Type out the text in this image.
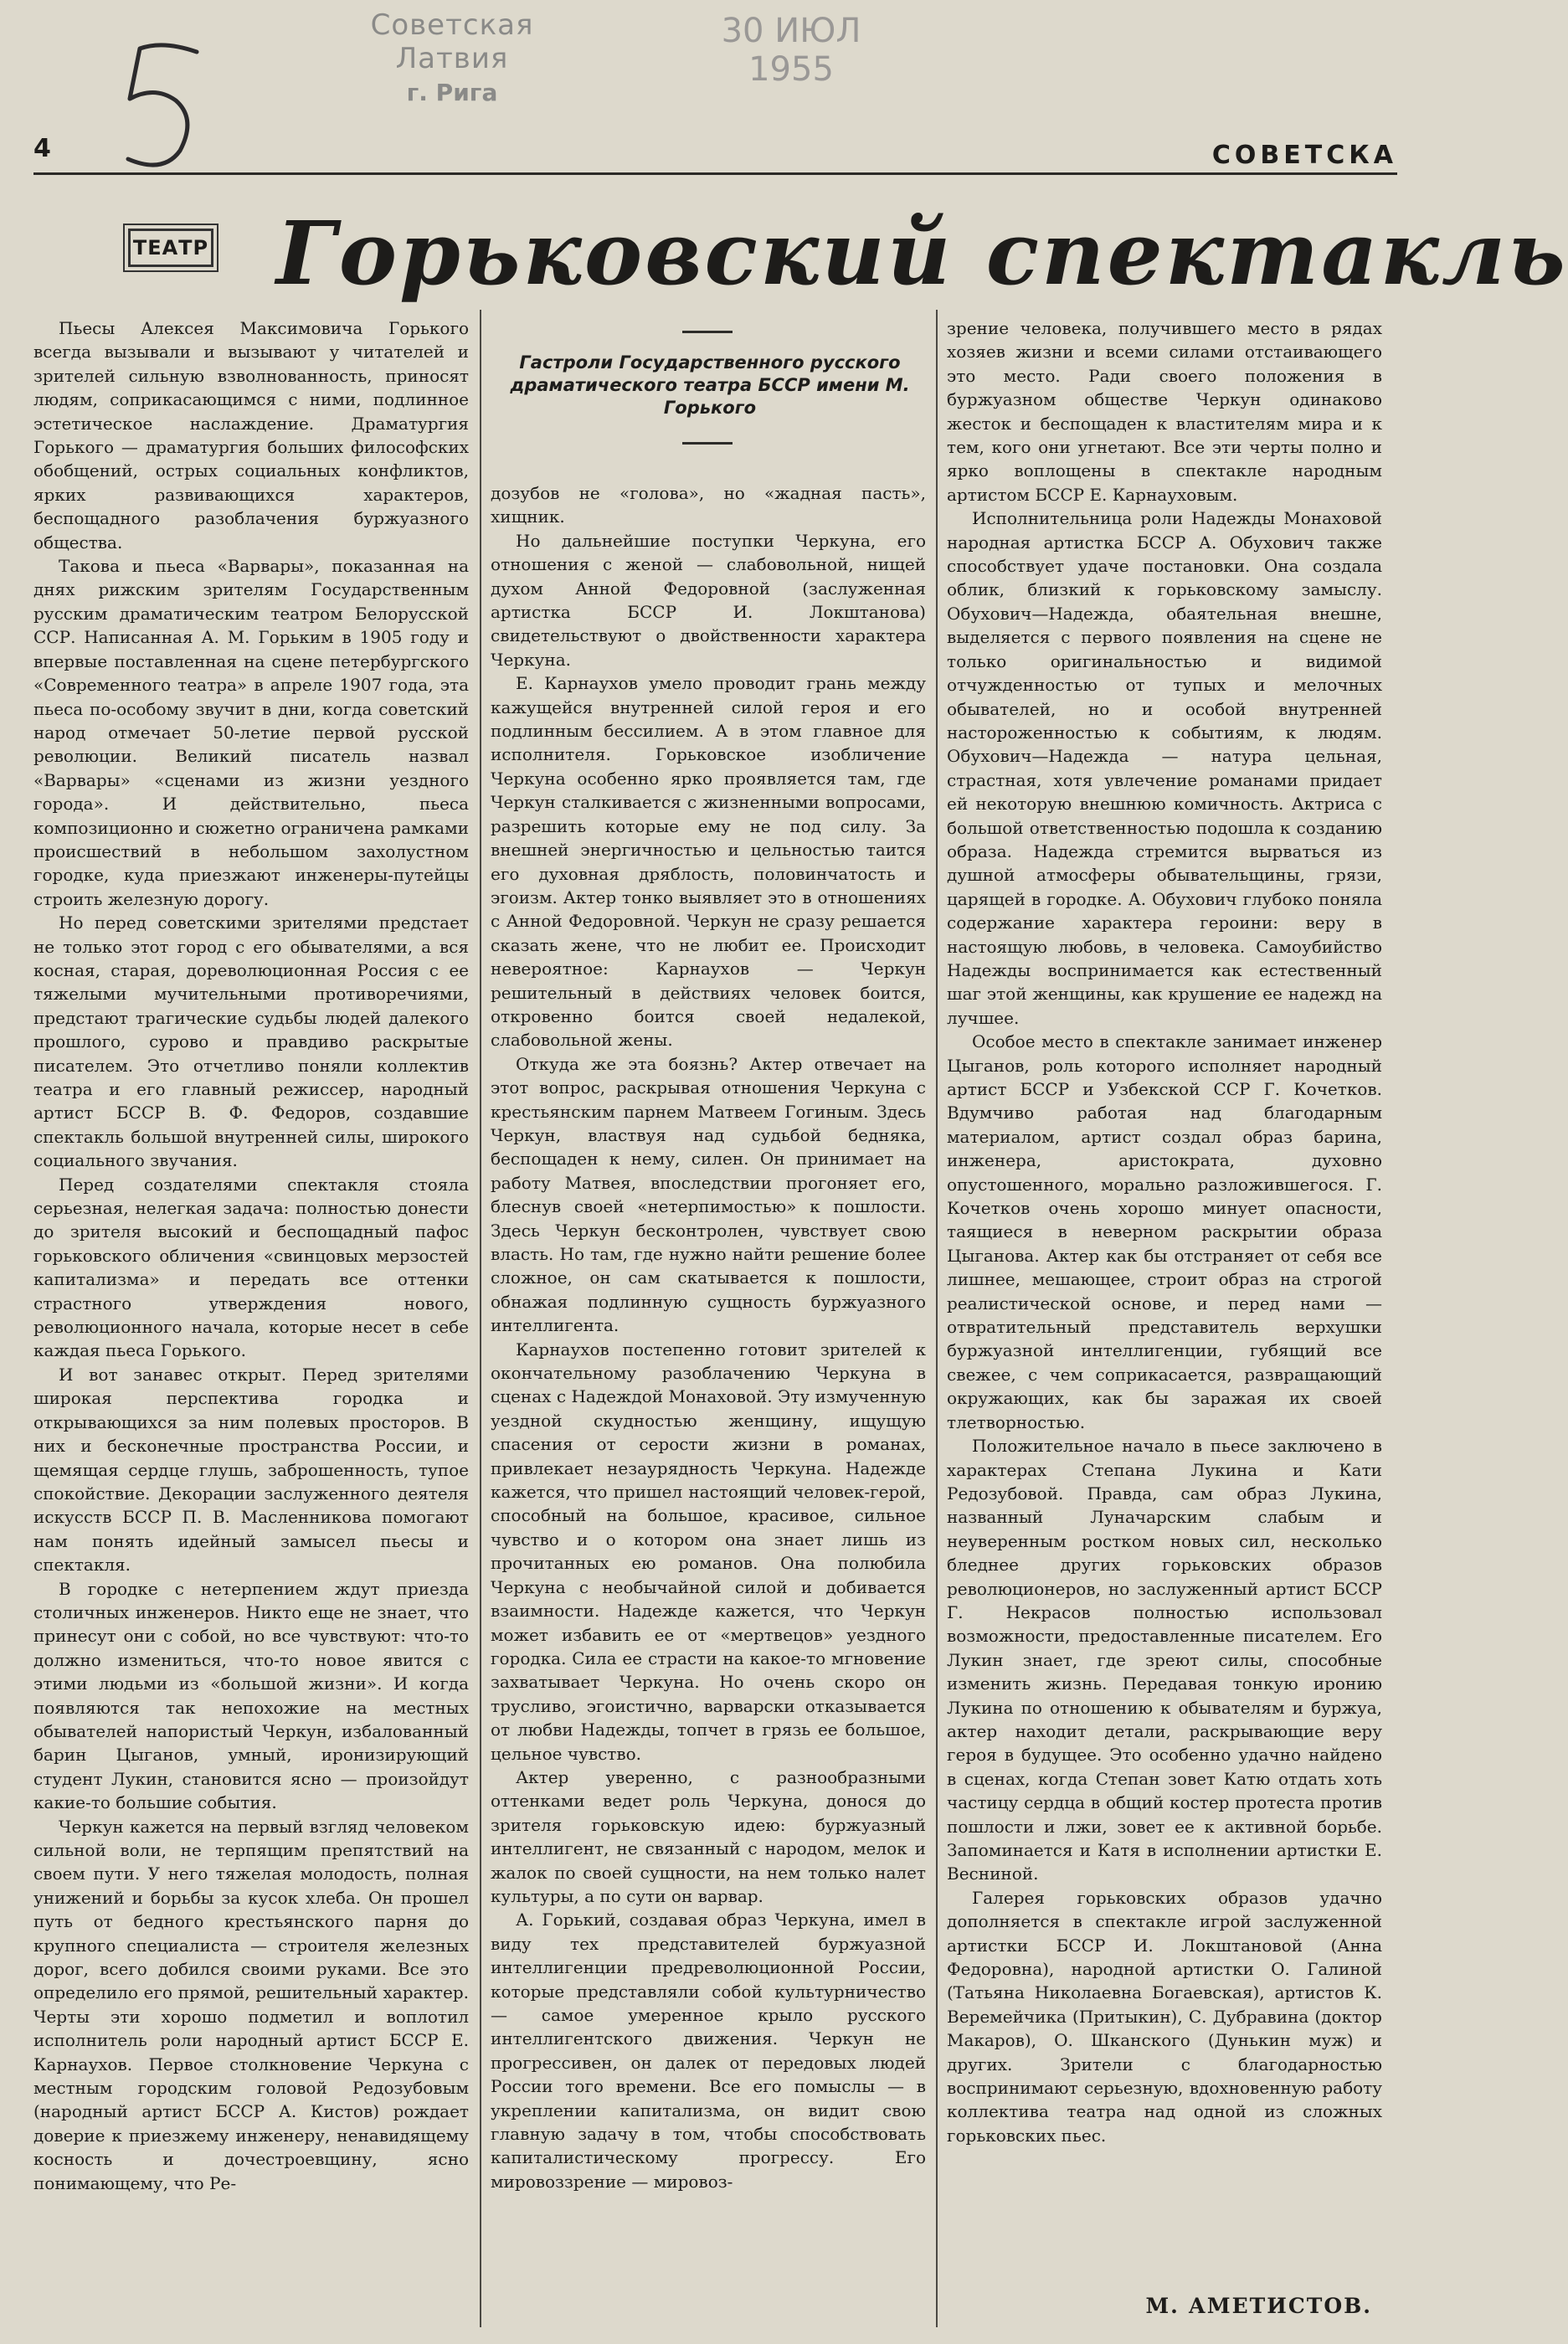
Советская Латвия
г. Рига
30 ИЮЛ 1955
4	СОВЕТСКА
ТЕАТР Горьковский спектакль
Гастроли Государственного русского драматического театра БССР имени М. Горького

Пьесы Алексея Максимовича Горького всегда вызывали и вызывают у читателей и зрителей сильную взволнованность, приносят людям, соприкасающимся с ними, подлинное эстетическое наслаждение. Драматургия Горького — драматургия больших философских обобщений, острых социальных конфликтов, ярких развивающихся характеров, беспощадного разоблачения буржуазного общества.

Такова и пьеса «Варвары», показанная на днях рижским зрителям Государственным русским драматическим театром Белорусской ССР. Написанная А. М. Горьким в 1905 году и впервые поставленная на сцене петербургского «Современного театра» в апреле 1907 года, эта пьеса по-особому звучит в дни, когда советский народ отмечает 50-летие первой русской революции. Великий писатель назвал «Варвары» «сценами из жизни уездного города». И действительно, пьеса композиционно и сюжетно ограничена рамками происшествий в небольшом захолустном городке, куда приезжают инженеры-путейцы строить железную дорогу.

Но перед советскими зрителями предстает не только этот город с его обывателями, а вся косная, старая, дореволюционная Россия с ее тяжелыми мучительными противоречиями, предстают трагические судьбы людей далекого прошлого, сурово и правдиво раскрытые писателем. Это отчетливо поняли коллектив театра и его главный режиссер, народный артист БССР В. Ф. Федоров, создавшие спектакль большой внутренней силы, широкого социального звучания.

Перед создателями спектакля стояла серьезная, нелегкая задача: полностью донести до зрителя высокий и беспощадный пафос горьковского обличения «свинцовых мерзостей капитализма» и передать все оттенки страстного утверждения нового, революционного начала, которые несет в себе каждая пьеса Горького.

И вот занавес открыт. Перед зрителями широкая перспектива городка и открывающихся за ним полевых просторов. В них и бесконечные пространства России, и щемящая сердце глушь, заброшенность, тупое спокойствие. Декорации заслуженного деятеля искусств БССР П. В. Масленникова помогают нам понять идейный замысел пьесы и спектакля.

В городке с нетерпением ждут приезда столичных инженеров. Никто еще не знает, что принесут они с собой, но все чувствуют: что-то должно измениться, что-то новое явится с этими людьми из «большой жизни». И когда появляются так непохожие на местных обывателей напористый Черкун, избалованный барин Цыганов, умный, иронизирующий студент Лукин, становится ясно — произойдут какие-то большие события.

Черкун кажется на первый взгляд человеком сильной воли, не терпящим препятствий на своем пути. У него тяжелая молодость, полная унижений и борьбы за кусок хлеба. Он прошел путь от бедного крестьянского парня до крупного специалиста — строителя железных дорог, всего добился своими руками. Все это определило его прямой, решительный характер. Черты эти хорошо подметил и воплотил исполнитель роли народный артист БССР Е. Карнаухов. Первое столкновение Черкуна с местным городским головой Редозубовым (народный артист БССР А. Кистов) рождает доверие к приезжему инженеру, ненавидящему косность и дочестроевщину, ясно понимающему, что Ре-

дозубов не «голова», но «жадная пасть», хищник.

Но дальнейшие поступки Черкуна, его отношения с женой — слабовольной, нищей духом Анной Федоровной (заслуженная артистка БССР И. Локштанова) свидетельствуют о двойственности характера Черкуна.

Е. Карнаухов умело проводит грань между кажущейся внутренней силой героя и его подлинным бессилием. А в этом главное для исполнителя. Горьковское изобличение Черкуна особенно ярко проявляется там, где Черкун сталкивается с жизненными вопросами, разрешить которые ему не под силу. За внешней энергичностью и цельностью таится его духовная дряблость, половинчатость и эгоизм. Актер тонко выявляет это в отношениях с Анной Федоровной. Черкун не сразу решается сказать жене, что не любит ее. Происходит невероятное: Карнаухов — Черкун решительный в действиях человек боится, откровенно боится своей недалекой, слабовольной жены.

Откуда же эта боязнь? Актер отвечает на этот вопрос, раскрывая отношения Черкуна с крестьянским парнем Матвеем Гогиным. Здесь Черкун, властвуя над судьбой бедняка, беспощаден к нему, силен. Он принимает на работу Матвея, впоследствии прогоняет его, блеснув своей «нетерпимостью» к пошлости. Здесь Черкун бесконтролен, чувствует свою власть. Но там, где нужно найти решение более сложное, он сам скатывается к пошлости, обнажая подлинную сущность буржуазного интеллигента.

Карнаухов постепенно готовит зрителей к окончательному разоблачению Черкуна в сценах с Надеждой Монаховой. Эту измученную уездной скудностью женщину, ищущую спасения от серости жизни в романах, привлекает незаурядность Черкуна. Надежде кажется, что пришел настоящий человек-герой, способный на большое, красивое, сильное чувство и о котором она знает лишь из прочитанных ею романов. Она полюбила Черкуна с необычайной силой и добивается взаимности. Надежде кажется, что Черкун может избавить ее от «мертвецов» уездного городка. Сила ее страсти на какое-то мгновение захватывает Черкуна. Но очень скоро он трусливо, эгоистично, варварски отказывается от любви Надежды, топчет в грязь ее большое, цельное чувство.

Актер уверенно, с разнообразными оттенками ведет роль Черкуна, донося до зрителя горьковскую идею: буржуазный интеллигент, не связанный с народом, мелок и жалок по своей сущности, на нем только налет культуры, а по сути он варвар.

А. Горький, создавая образ Черкуна, имел в виду тех представителей буржуазной интеллигенции предреволюционной России, которые представляли собой культурничество — самое умеренное крыло русского интеллигентского движения. Черкун не прогрессивен, он далек от передовых людей России того времени. Все его помыслы — в укреплении капитализма, он видит свою главную задачу в том, чтобы способствовать капиталистическому прогрессу. Его мировоззрение — мировоз-

зрение человека, получившего место в рядах хозяев жизни и всеми силами отстаивающего это место. Ради своего положения в буржуазном обществе Черкун одинаково жесток и беспощаден к властителям мира и к тем, кого они угнетают. Все эти черты полно и ярко воплощены в спектакле народным артистом БССР Е. Карнауховым.

Исполнительница роли Надежды Монаховой народная артистка БССР А. Обухович также способствует удаче постановки. Она создала облик, близкий к горьковскому замыслу. Обухович—Надежда, обаятельная внешне, выделяется с первого появления на сцене не только оригинальностью и видимой отчужденностью от тупых и мелочных обывателей, но и особой внутренней настороженностью к событиям, к людям. Обухович—Надежда — натура цельная, страстная, хотя увлечение романами придает ей некоторую внешнюю комичность. Актриса с большой ответственностью подошла к созданию образа. Надежда стремится вырваться из душной атмосферы обывательщины, грязи, царящей в городке. А. Обухович глубоко поняла содержание характера героини: веру в настоящую любовь, в человека. Самоубийство Надежды воспринимается как естественный шаг этой женщины, как крушение ее надежд на лучшее.

Особое место в спектакле занимает инженер Цыганов, роль которого исполняет народный артист БССР и Узбекской ССР Г. Кочетков. Вдумчиво работая над благодарным материалом, артист создал образ барина, инженера, аристократа, духовно опустошенного, морально разложившегося. Г. Кочетков очень хорошо минует опасности, таящиеся в неверном раскрытии образа Цыганова. Актер как бы отстраняет от себя все лишнее, мешающее, строит образ на строгой реалистической основе, и перед нами — отвратительный представитель верхушки буржуазной интеллигенции, губящий все свежее, с чем соприкасается, развращающий окружающих, как бы заражая их своей тлетворностью.

Положительное начало в пьесе заключено в характерах Степана Лукина и Кати Редозубовой. Правда, сам образ Лукина, названный Луначарским слабым и неуверенным ростком новых сил, несколько бледнее других горьковских образов революционеров, но заслуженный артист БССР Г. Некрасов полностью использовал возможности, предоставленные писателем. Его Лукин знает, где зреют силы, способные изменить жизнь. Передавая тонкую иронию Лукина по отношению к обывателям и буржуа, актер находит детали, раскрывающие веру героя в будущее. Это особенно удачно найдено в сценах, когда Степан зовет Катю отдать хоть частицу сердца в общий костер протеста против пошлости и лжи, зовет ее к активной борьбе. Запоминается и Катя в исполнении артистки Е. Весниной.

Галерея горьковских образов удачно дополняется в спектакле игрой заслуженной артистки БССР И. Локштановой (Анна Федоровна), народной артистки О. Галиной (Татьяна Николаевна Богаевская), артистов К. Веремейчика (Притыкин), С. Дубравина (доктор Макаров), О. Шканского (Дунькин муж) и других. Зрители с благодарностью воспринимают серьезную, вдохновенную работу коллектива театра над одной из сложных горьковских пьес.

М. АМЕТИСТОВ.
